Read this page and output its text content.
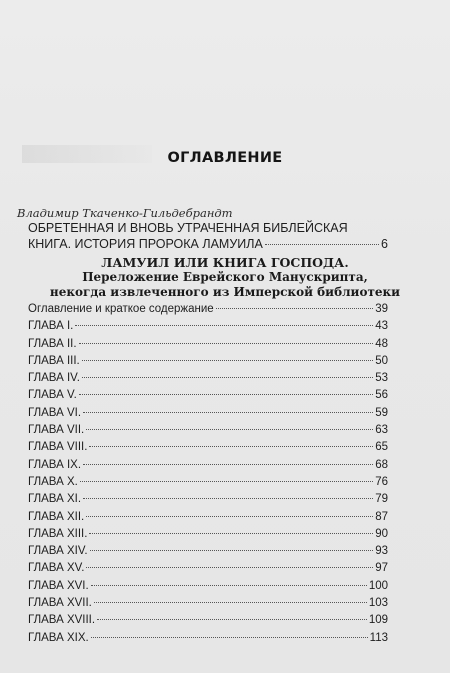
ОГЛАВЛЕНИЕ
Владимир Ткаченко-Гильдебрандт
ОБРЕТЕННАЯ И ВНОВЬ УТРАЧЕННАЯ БИБЛЕЙСКАЯ
КНИГА. ИСТОРИЯ ПРОРОКА ЛАМУИЛА	6
ЛАМУИЛ ИЛИ КНИГА ГОСПОДА.
Переложение Еврейского Манускрипта,
некогда извлеченного из Имперской библиотеки
Оглавление и краткое содержание	39
ГЛАВА I.	43
ГЛАВА II.	48
ГЛАВА III.	50
ГЛАВА IV.	53
ГЛАВА V.	56
ГЛАВА VI.	59
ГЛАВА VII.	63
ГЛАВА VIII.	65
ГЛАВА IX.	68
ГЛАВА X.	76
ГЛАВА XI.	79
ГЛАВА XII.	87
ГЛАВА XIII.	90
ГЛАВА XIV.	93
ГЛАВА XV.	97
ГЛАВА XVI.	100
ГЛАВА XVII.	103
ГЛАВА XVIII.	109
ГЛАВА XIX.	113
